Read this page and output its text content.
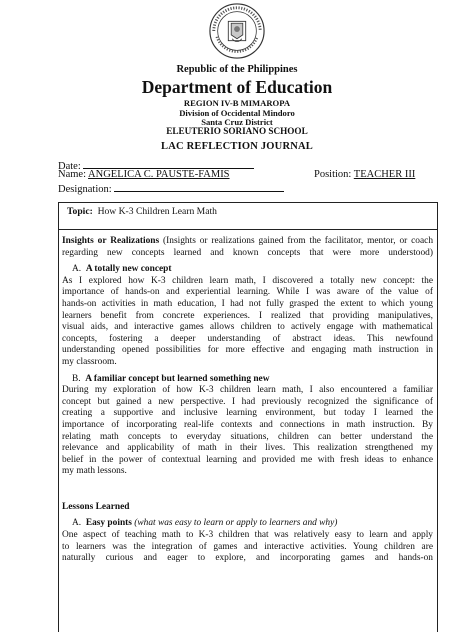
Republic of the Philippines
Department of Education
REGION IV-B MIMAROPA
Division of Occidental Mindoro
Santa Cruz District
ELEUTERIO SORIANO SCHOOL
LAC REFLECTION JOURNAL
Date:
Name: ANGELICA C. PAUSTE-FAMIS	Position: TEACHER III
Designation:
Topic: How K-3 Children Learn Math

Insights or Realizations (Insights or realizations gained from the facilitator, mentor, or coach regarding new concepts learned and known concepts that were more understood)

A. A totally new concept

As I explored how K-3 children learn math, I discovered a totally new concept: the

importance of hands-on and experiential learning. While I was aware of the value of

hands-on activities in math education, I had not fully grasped the extent to which young

learners benefit from concrete experiences. I realized that providing manipulatives,

visual aids, and interactive games allows children to actively engage with mathematical

concepts, fostering a deeper understanding of abstract ideas. This newfound

understanding opened possibilities for more effective and engaging math instruction in

my classroom.

B. A familiar concept but learned something new

During my exploration of how K-3 children learn math, I also encountered a familiar

concept but gained a new perspective. I had previously recognized the significance of

creating a supportive and inclusive learning environment, but today I learned the

importance of incorporating real-life contexts and connections in math instruction. By

relating math concepts to everyday situations, children can better understand the

relevance and applicability of math in their lives. This realization strengthened my

belief in the power of contextual learning and provided me with fresh ideas to enhance

my math lessons.

Lessons Learned

A. Easy points (what was easy to learn or apply to learners and why)

One aspect of teaching math to K-3 children that was relatively easy to learn and apply

to learners was the integration of games and interactive activities. Young children are

naturally curious and eager to explore, and incorporating games and hands-on
